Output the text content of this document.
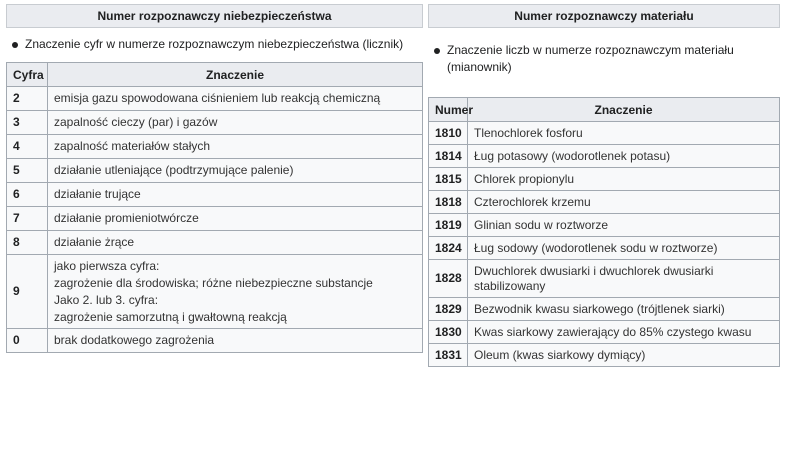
Numer rozpoznawczy niebezpieczeństwa
Znaczenie cyfr w numerze rozpoznawczym niebezpieczeństwa (licznik)
Cyfra	Znaczenie
2	emisja gazu spowodowana ciśnieniem lub reakcją chemiczną
3	zapalność cieczy (par) i gazów
4	zapalność materiałów stałych
5	działanie utleniające (podtrzymujące palenie)
6	działanie trujące
7	działanie promieniotwórcze
8	działanie żrące
9	jako pierwsza cyfra:
zagrożenie dla środowiska; różne niebezpieczne substancje
Jako 2. lub 3. cyfra:
zagrożenie samorzutną i gwałtowną reakcją

0	brak dodatkowego zagrożenia
Numer rozpoznawczy materiału
Znaczenie liczb w numerze rozpoznawczym materiału (mianownik)
Numer	Znaczenie
1810	Tlenochlorek fosforu
1814	Ług potasowy (wodorotlenek potasu)
1815	Chlorek propionylu
1818	Czterochlorek krzemu
1819	Glinian sodu w roztworze
1824	Ług sodowy (wodorotlenek sodu w roztworze)
1828	Dwuchlorek dwusiarki i dwuchlorek dwusiarki stabilizowany
1829	Bezwodnik kwasu siarkowego (trójtlenek siarki)
1830	Kwas siarkowy zawierający do 85% czystego kwasu
1831	Oleum (kwas siarkowy dymiący)
